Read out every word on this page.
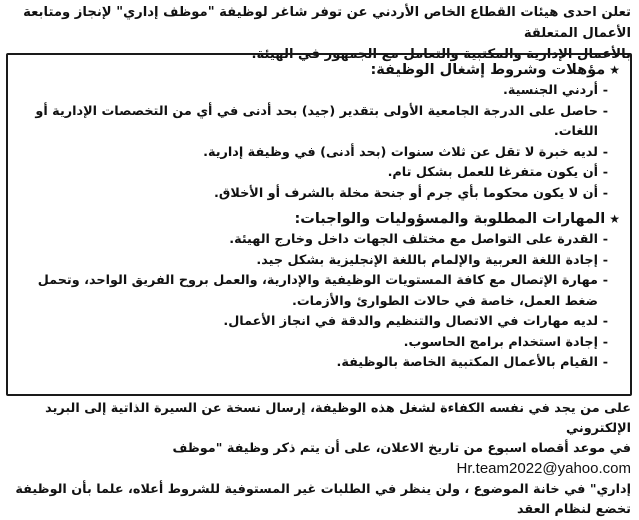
تعلن احدى هيئات القطاع الخاص الأردني عن توفر شاغر لوظيفة "موظف إداري" لإنجاز ومتابعة الأعمال المتعلقة
بالأعمال الإدارية والمكتبية والتعامل مع الجمهور في الهيئة.

★مؤهلات وشروط إشغال الوظيفة:

- أردني الجنسية.
- حاصل على الدرجة الجامعية الأولى بتقدير (جيد) بحد أدنى في أي من التخصصات الإدارية أو اللغات.
- لديه خبرة لا تقل عن ثلاث سنوات (بحد أدنى) في وظيفة إدارية.
- أن يكون متفرغا للعمل بشكل تام.
- أن لا يكون محكوما بأي جرم أو جنحة مخلة بالشرف أو الأخلاق.

★المهارات المطلوبة والمسؤوليات والواجبات:

- القدرة على التواصل مع مختلف الجهات داخل وخارج الهيئة.
- إجادة اللغة العربية والإلمام باللغة الإنجليزية بشكل جيد.
- مهارة الإتصال مع كافة المستويات الوظيفية والإدارية، والعمل بروح الفريق الواحد، وتحمل ضغط العمل، خاصة في حالات الطوارئ والأزمات.
- لديه مهارات في الاتصال والتنظيم والدقة في انجاز الأعمال.
- إجادة استخدام برامج الحاسوب.
- القيام بالأعمال المكتبية الخاصة بالوظيفة.
على من يجد في نفسه الكفاءة لشغل هذه الوظيفة، إرسال نسخة عن السيرة الذاتية إلى البريد الإلكتروني
في موعد أقصاه اسبوع من تاريخ الاعلان، على أن يتم ذكر وظيفة "موظف Hr.team2022@yahoo.com
إداري" في خانة الموضوع ، ولن ينظر في الطلبات غير المستوفية للشروط أعلاه، علما بأن الوظيفة تخضع لنظام العقد
